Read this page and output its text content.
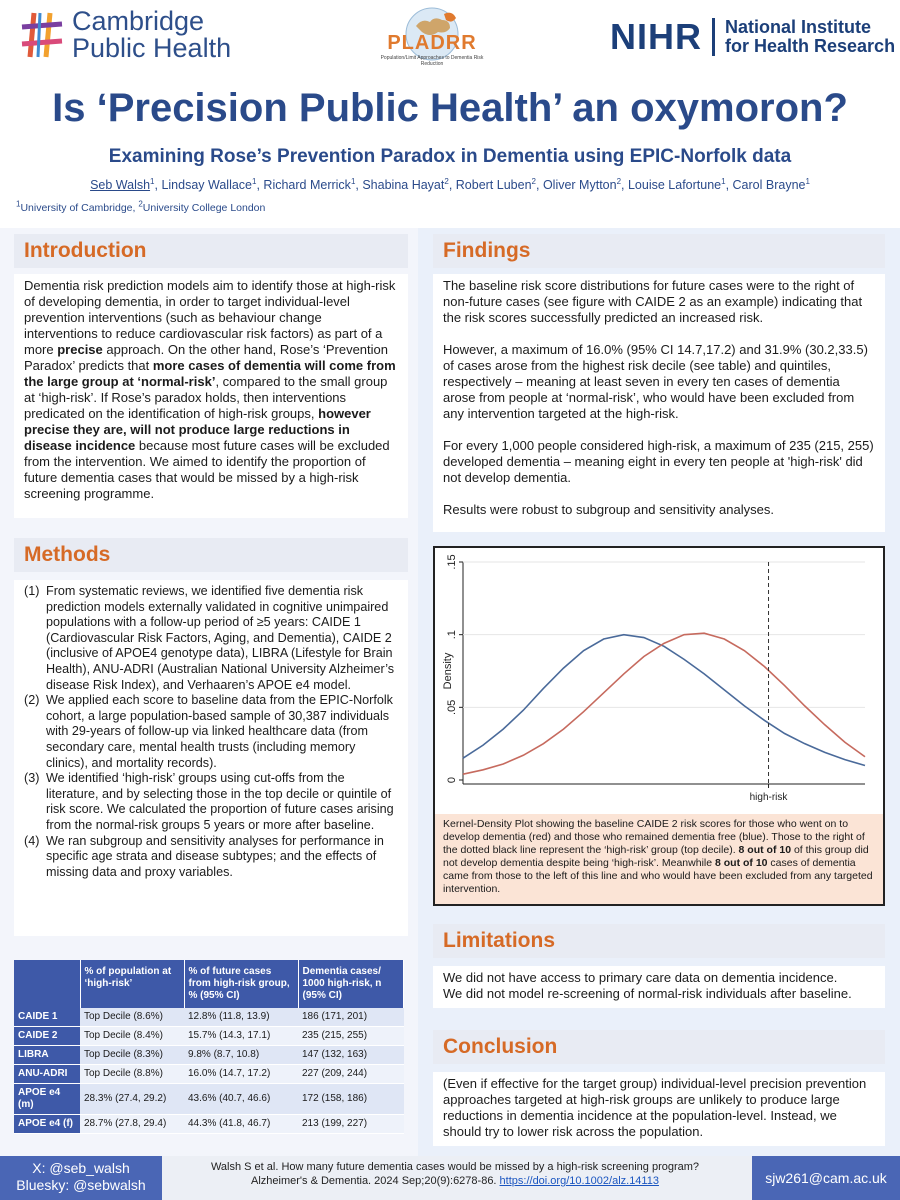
Cambridge
Public Health	PLADRR
Population/Limit Approaches to Dementia Risk Reduction
NIHR National Institute
for Health Research
Is ‘Precision Public Health’ an oxymoron?
Examining Rose’s Prevention Paradox in Dementia using EPIC-Norfolk data
Seb Walsh$^1$, Lindsay Wallace$^1$, Richard Merrick$^1$, Shabina Hayat$^2$, Robert Luben$^2$, Oliver Mytton$^2$, Louise Lafortune$^1$, Carol Brayne$^1$
$^1$University of Cambridge, $^2$University College London
Introduction
Dementia risk prediction models aim to identify those at high-risk of developing dementia, in order to target individual-level prevention interventions (such as behaviour change interventions to reduce cardiovascular risk factors) as part of a more precise approach. On the other hand, Rose’s ‘Prevention Paradox’ predicts that more cases of dementia will come from the large group at ‘normal-risk’, compared to the small group at ‘high-risk’. If Rose’s paradox holds, then interventions predicated on the identification of high-risk groups, however precise they are, will not produce large reductions in disease incidence because most future cases will be excluded from the intervention. We aimed to identify the proportion of future dementia cases that would be missed by a high-risk screening programme.
Methods
(1) From systematic reviews, we identified five dementia risk prediction models externally validated in cognitive unimpaired populations with a follow-up period of ≥5 years: CAIDE 1 (Cardiovascular Risk Factors, Aging, and Dementia), CAIDE 2 (inclusive of APOE4 genotype data), LIBRA (Lifestyle for Brain Health), ANU-ADRI (Australian National University Alzheimer’s disease Risk Index), and Verhaaren’s APOE e4 model.
(2) We applied each score to baseline data from the EPIC-Norfolk cohort, a large population-based sample of 30,387 individuals with 29-years of follow-up via linked healthcare data (from secondary care, mental health trusts (including memory clinics), and mortality records).
(3) We identified ‘high-risk’ groups using cut-offs from the literature, and by selecting those in the top decile or quintile of risk score. We calculated the proportion of future cases arising from the normal-risk groups 5 years or more after baseline.
(4) We ran subgroup and sensitivity analyses for performance in specific age strata and disease subtypes; and the effects of missing data and proxy variables.
	% of population at ‘high-risk’	% of future cases from high-risk group, % (95% CI)	Dementia cases/ 1000 high-risk, n (95% CI)
CAIDE 1	Top Decile (8.6%)	12.8% (11.8, 13.9)	186 (171, 201)
CAIDE 2	Top Decile (8.4%)	15.7% (14.3, 17.1)	235 (215, 255)
LIBRA	Top Decile (8.3%)	9.8% (8.7, 10.8)	147 (132, 163)
ANU-ADRI	Top Decile (8.8%)	16.0% (14.7, 17.2)	227 (209, 244)
APOE e4 (m)	28.3% (27.4, 29.2)	43.6% (40.7, 46.6)	172 (158, 186)
APOE e4 (f)	28.7% (27.8, 29.4)	44.3% (41.8, 46.7)	213 (199, 227)
Findings

The baseline risk score distributions for future cases were to the right of non-future cases (see figure with CAIDE 2 as an example) indicating that the risk scores successfully predicted an increased risk.

However, a maximum of 16.0% (95% CI 14.7,17.2) and 31.9% (30.2,33.5) of cases arose from the highest risk decile (see table) and quintiles, respectively – meaning at least seven in every ten cases of dementia arose from people at ‘normal-risk’, who would have been excluded from any intervention targeted at the high-risk.

For every 1,000 people considered high-risk, a maximum of 235 (215, 255) developed dementia – meaning eight in every ten people at 'high-risk' did not develop dementia.

Results were robust to subgroup and sensitivity analyses.

0
.05
.1
.15
Density
high-risk
Kernel-Density Plot showing the baseline CAIDE 2 risk scores for those who went on to develop dementia (red) and those who remained dementia free (blue). Those to the right of the dotted black line represent the ‘high-risk’ group (top decile). 8 out of 10 of this group did not develop dementia despite being ‘high-risk’. Meanwhile 8 out of 10 cases of dementia came from those to the left of this line and who would have been excluded from any targeted intervention.
Limitations

We did not have access to primary care data on dementia incidence.

We did not model re-screening of normal-risk individuals after baseline.

Conclusion

(Even if effective for the target group) individual-level precision prevention approaches targeted at high-risk groups are unlikely to produce large reductions in dementia incidence at the population-level. Instead, we should try to lower risk across the population.

X: @seb_walsh
Bluesky: @sebwalsh
Walsh S et al. How many future dementia cases would be missed by a high-risk screening program?
Alzheimer's & Dementia. 2024 Sep;20(9):6278-86. https://doi.org/10.1002/alz.14113	sjw261@cam.ac.uk
